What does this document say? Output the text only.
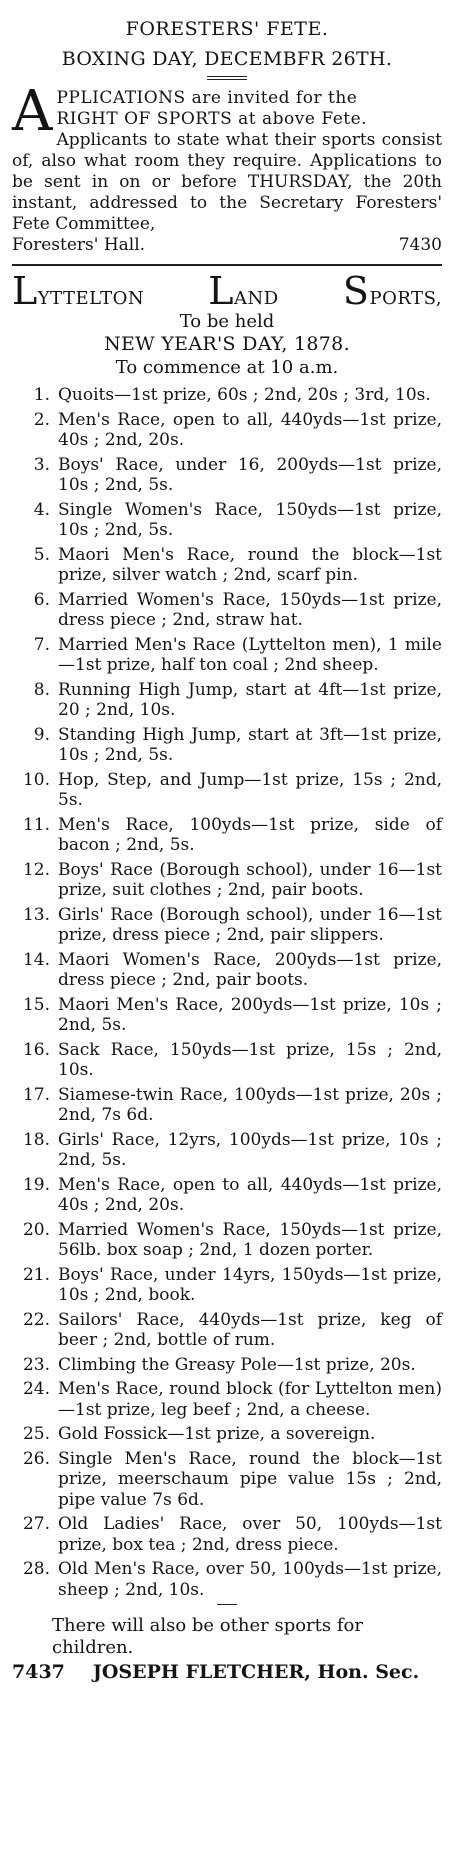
FORESTERS' FETE.
BOXING DAY, DECEMBFR 26TH.
A PPLICATIONS are invited for the
RIGHT OF SPORTS at above Fete.
Applicants to state what their sports consist of, also what room they require. Applications to be sent in on or before THURSDAY, the 20th instant, addressed to the Secretary Foresters' Fete Committee,
Foresters' Hall.	7430
LYTTELTON LAND SPORTS,
To be held
NEW YEAR'S DAY, 1878.
To commence at 10 a.m.
1. Quoits—1st prize, 60s ; 2nd, 20s ; 3rd, 10s.
2. Men's Race, open to all, 440yds—1st prize, 40s ; 2nd, 20s.
3. Boys' Race, under 16, 200yds—1st prize, 10s ; 2nd, 5s.
4. Single Women's Race, 150yds—1st prize, 10s ; 2nd, 5s.
5. Maori Men's Race, round the block—1st prize, silver watch ; 2nd, scarf pin.
6. Married Women's Race, 150yds—1st prize, dress piece ; 2nd, straw hat.
7. Married Men's Race (Lyttelton men), 1 mile—1st prize, half ton coal ; 2nd sheep.
8. Running High Jump, start at 4ft—1st prize, 20 ; 2nd, 10s.
9. Standing High Jump, start at 3ft—1st prize, 10s ; 2nd, 5s.
10. Hop, Step, and Jump—1st prize, 15s ; 2nd, 5s.
11. Men's Race, 100yds—1st prize, side of bacon ; 2nd, 5s.
12. Boys' Race (Borough school), under 16—1st prize, suit clothes ; 2nd, pair boots.
13. Girls' Race (Borough school), under 16—1st prize, dress piece ; 2nd, pair slippers.
14. Maori Women's Race, 200yds—1st prize, dress piece ; 2nd, pair boots.
15. Maori Men's Race, 200yds—1st prize, 10s ; 2nd, 5s.
16. Sack Race, 150yds—1st prize, 15s ; 2nd, 10s.
17. Siamese-twin Race, 100yds—1st prize, 20s ; 2nd, 7s 6d.
18. Girls' Race, 12yrs, 100yds—1st prize, 10s ; 2nd, 5s.
19. Men's Race, open to all, 440yds—1st prize, 40s ; 2nd, 20s.
20. Married Women's Race, 150yds—1st prize, 56lb. box soap ; 2nd, 1 dozen porter.
21. Boys' Race, under 14yrs, 150yds—1st prize, 10s ; 2nd, book.
22. Sailors' Race, 440yds—1st prize, keg of beer ; 2nd, bottle of rum.
23. Climbing the Greasy Pole—1st prize, 20s.
24. Men's Race, round block (for Lyttelton men)—1st prize, leg beef ; 2nd, a cheese.
25. Gold Fossick—1st prize, a sovereign.
26. Single Men's Race, round the block—1st prize, meerschaum pipe value 15s ; 2nd, pipe value 7s 6d.
27. Old Ladies' Race, over 50, 100yds—1st prize, box tea ; 2nd, dress piece.
28. Old Men's Race, over 50, 100yds—1st prize, sheep ; 2nd, 10s.
There will also be other sports for children.
7437 JOSEPH FLETCHER, Hon. Sec.
